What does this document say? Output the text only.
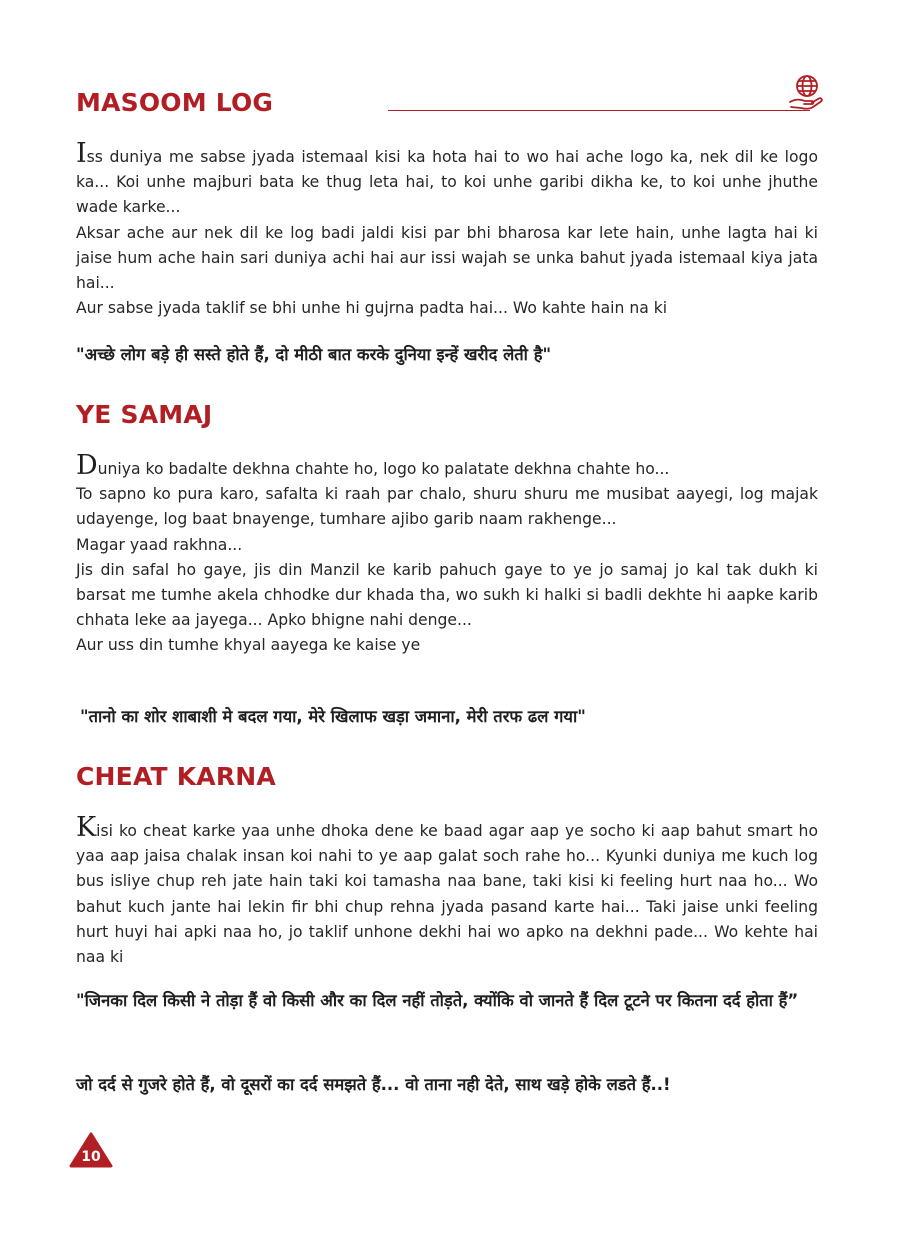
MASOOM LOG

Iss duniya me sabse jyada istemaal kisi ka hota hai to wo hai ache logo ka, nek dil ke logo ka... Koi unhe majburi bata ke thug leta hai, to koi unhe garibi dikha ke, to koi unhe jhuthe wade karke...

Aksar ache aur nek dil ke log badi jaldi kisi par bhi bharosa kar lete hain, unhe lagta hai ki jaise hum ache hain sari duniya achi hai aur issi wajah se unka bahut jyada istemaal kiya jata hai...

Aur sabse jyada taklif se bhi unhe hi gujrna padta hai... Wo kahte hain na ki

"अच्छे लोग बड़े ही सस्ते होते हैं, दो मीठी बात करके दुनिया इन्हें खरीद लेती है"

YE SAMAJ

Duniya ko badalte dekhna chahte ho, logo ko palatate dekhna chahte ho...

To sapno ko pura karo, safalta ki raah par chalo, shuru shuru me musibat aayegi, log majak udayenge, log baat bnayenge, tumhare ajibo garib naam rakhenge...

Magar yaad rakhna...

Jis din safal ho gaye, jis din Manzil ke karib pahuch gaye to ye jo samaj jo kal tak dukh ki barsat me tumhe akela chhodke dur khada tha, wo sukh ki halki si badli dekhte hi aapke karib chhata leke aa jayega... Apko bhigne nahi denge...

Aur uss din tumhe khyal aayega ke kaise ye

"तानो का शोर शाबाशी मे बदल गया, मेरे खिलाफ खड़ा जमाना, मेरी तरफ ढल गया"

CHEAT KARNA

Kisi ko cheat karke yaa unhe dhoka dene ke baad agar aap ye socho ki aap bahut smart ho yaa aap jaisa chalak insan koi nahi to ye aap galat soch rahe ho... Kyunki duniya me kuch log bus isliye chup reh jate hain taki koi tamasha naa bane, taki kisi ki feeling hurt naa ho... Wo bahut kuch jante hai lekin fir bhi chup rehna jyada pasand karte hai... Taki jaise unki feeling hurt huyi hai apki naa ho, jo taklif unhone dekhi hai wo apko na dekhni pade... Wo kehte hai naa ki

"जिनका दिल किसी ने तोड़ा हैं वो किसी और का दिल नहीं तोड़ते, क्योंकि वो जानते हैं दिल टूटने पर कितना दर्द होता हैं”

जो दर्द से गुजरे होते हैं, वो दूसरों का दर्द समझते हैं... वो ताना नही देते, साथ खड़े होके लडते हैं..!

10
